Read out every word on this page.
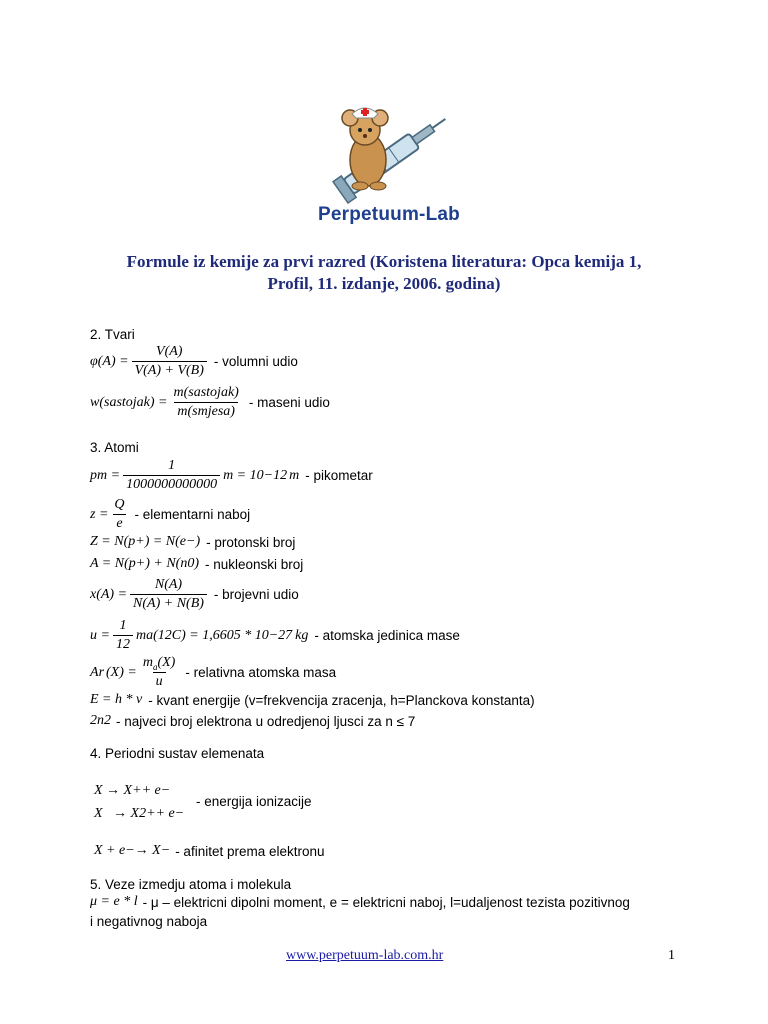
Perpetuum-Lab
Formule iz kemije za prvi razred (Koristena literatura: Opca kemija 1,
Profil, 11. izdanje, 2006. godina)
2. Tvari
$\varphi(A) = \frac{V(A)}{V(A) + V(B)}$ - volumni udio
w(sastojak) = $\frac{\text{m(sastojak)}}{\text{m(smjesa)}}$ - maseni udio
3. Atomi
pm = $\frac{1}{1000000000000}$ m = 10 −12 m - pikometar
$z = \frac{Q}{e}$ - elementarni naboj
Z = N(p + ) = N(e − ) - protonski broj
A = N(p + ) + N(n 0 ) - nukleonski broj
$x(A) = \frac{N(A)}{N(A) + N(B)}$ - brojevni udio
$u = \frac{1}{12}$ m a ( 12 C) = 1,6605 * 10 −27 kg - atomska jedinica mase
A r $(X) = \frac{m_a(X)}{u}$ - relativna atomska masa
E = h * ν - kvant energije (v=frekvencija zracenja, h=Planckova konstanta)
2n 2 - najveci broj elektrona u odredjenoj ljusci za n ≤ 7
4. Periodni sustav elemenata
X → X + + e −
- energija ionizacije
X   → X 2+ + e −
X + e − → X − - afinitet prema elektronu
5. Veze izmedju atoma i molekula
μ = e * l - μ – elektricni dipolni moment, e = elektricni naboj, l=udaljenost tezista pozitivnog
i negativnog naboja
www.perpetuum-lab.com.hr	1
